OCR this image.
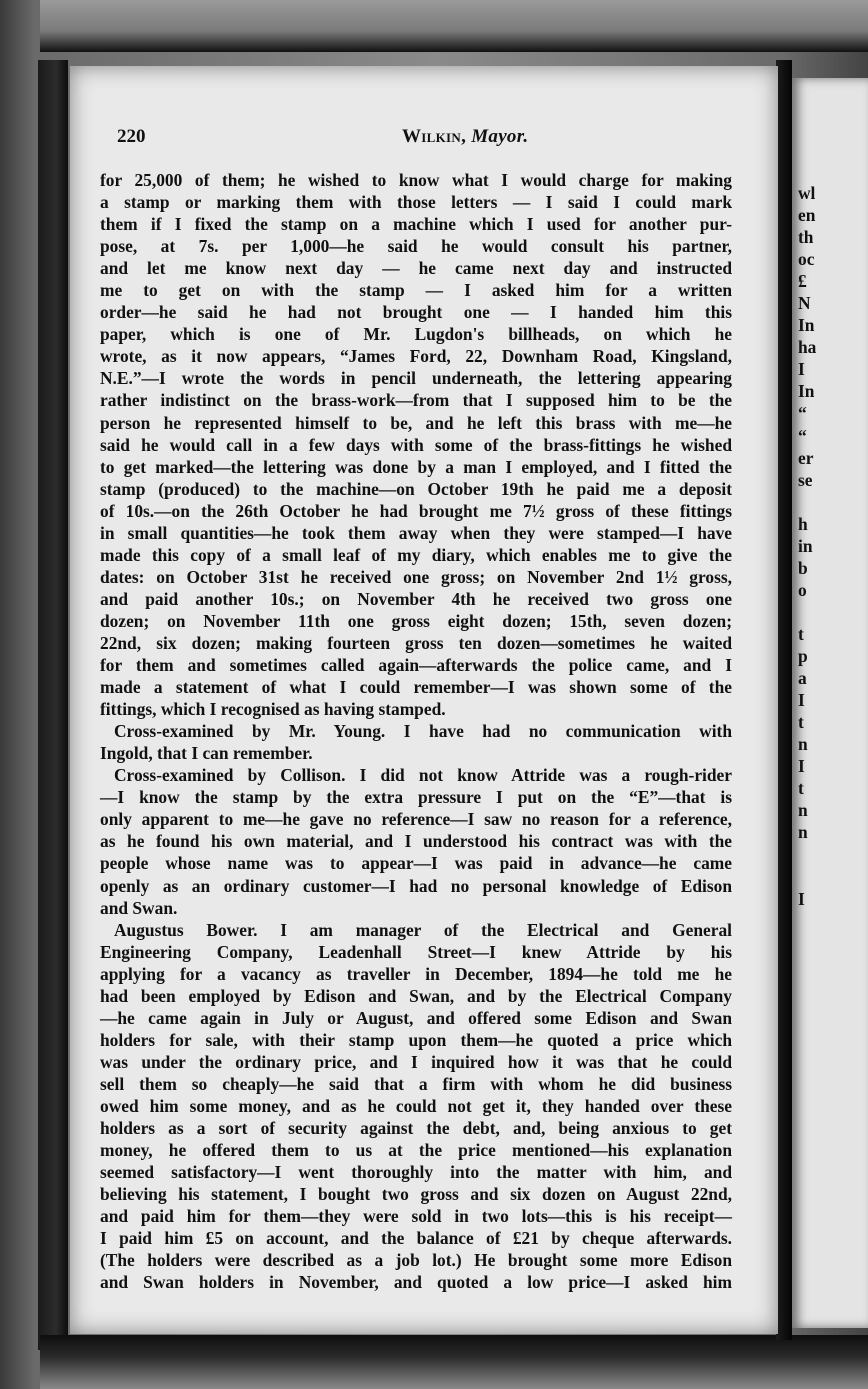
220	Wilkin, Mayor.
for 25,000 of them; he wished to know what I would charge for making
a stamp or marking them with those letters — I said I could mark
them if I fixed the stamp on a machine which I used for another pur-
pose, at 7s. per 1,000—he said he would consult his partner,
and let me know next day — he came next day and instructed
me to get on with the stamp — I asked him for a written
order—he said he had not brought one — I handed him this
paper, which is one of Mr. Lugdon's billheads, on which he
wrote, as it now appears, “James Ford, 22, Downham Road, Kingsland,
N.E.”—I wrote the words in pencil underneath, the lettering appearing
rather indistinct on the brass-work—from that I supposed him to be the
person he represented himself to be, and he left this brass with me—he
said he would call in a few days with some of the brass-fittings he wished
to get marked—the lettering was done by a man I employed, and I fitted the
stamp (produced) to the machine—on October 19th he paid me a deposit
of 10s.—on the 26th October he had brought me 7½ gross of these fittings
in small quantities—he took them away when they were stamped—I have
made this copy of a small leaf of my diary, which enables me to give the
dates: on October 31st he received one gross; on November 2nd 1½ gross,
and paid another 10s.; on November 4th he received two gross one
dozen; on November 11th one gross eight dozen; 15th, seven dozen;
22nd, six dozen; making fourteen gross ten dozen—sometimes he waited
for them and sometimes called again—afterwards the police came, and I
made a statement of what I could remember—I was shown some of the
fittings, which I recognised as having stamped.
Cross-examined by Mr. Young. I have had no communication with
Ingold, that I can remember.
Cross-examined by Collison. I did not know Attride was a rough-rider
—I know the stamp by the extra pressure I put on the “E”—that is
only apparent to me—he gave no reference—I saw no reason for a reference,
as he found his own material, and I understood his contract was with the
people whose name was to appear—I was paid in advance—he came
openly as an ordinary customer—I had no personal knowledge of Edison
and Swan.
Augustus Bower. I am manager of the Electrical and General
Engineering Company, Leadenhall Street—I knew Attride by his
applying for a vacancy as traveller in December, 1894—he told me he
had been employed by Edison and Swan, and by the Electrical Company
—he came again in July or August, and offered some Edison and Swan
holders for sale, with their stamp upon them—he quoted a price which
was under the ordinary price, and I inquired how it was that he could
sell them so cheaply—he said that a firm with whom he did business
owed him some money, and as he could not get it, they handed over these
holders as a sort of security against the debt, and, being anxious to get
money, he offered them to us at the price mentioned—his explanation
seemed satisfactory—I went thoroughly into the matter with him, and
believing his statement, I bought two gross and six dozen on August 22nd,
and paid him for them—they were sold in two lots—this is his receipt—
I paid him £5 on account, and the balance of £21 by cheque afterwards.
(The holders were described as a job lot.) He brought some more Edison
and Swan holders in November, and quoted a low price—I asked him
wl
en
th
oc
£
N
In
ha
I
In
“
“
er
se
h
in
b
o
t
p
a
I
t
n
I
t
n
n
I
